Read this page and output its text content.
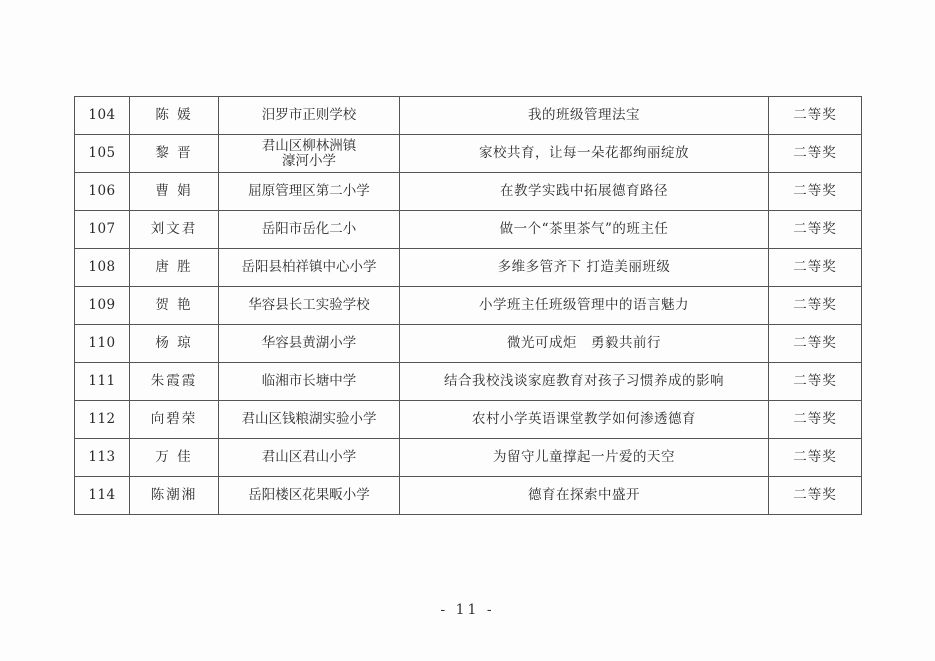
104	陈 媛	汨罗市正则学校	我的班级管理法宝	二等奖
105	黎 晋	君山区柳林洲镇
濠河小学	家校共育，让每一朵花都绚丽绽放	二等奖
106	曹 娟	屈原管理区第二小学	在教学实践中拓展德育路径	二等奖
107	刘文君	岳阳市岳化二小	做一个“茶里茶气”的班主任	二等奖
108	唐 胜	岳阳县柏祥镇中心小学	多维多管齐下 打造美丽班级	二等奖
109	贺 艳	华容县长工实验学校	小学班主任班级管理中的语言魅力	二等奖
110	杨 琼	华容县黄湖小学	微光可成炬　勇毅共前行	二等奖
111	朱霞霞	临湘市长塘中学	结合我校浅谈家庭教育对孩子习惯养成的影响	二等奖
112	向碧荣	君山区钱粮湖实验小学	农村小学英语课堂教学如何渗透德育	二等奖
113	万 佳	君山区君山小学	为留守儿童撑起一片爱的天空	二等奖
114	陈潮湘	岳阳楼区花果畈小学	德育在探索中盛开	二等奖
- 11 -
